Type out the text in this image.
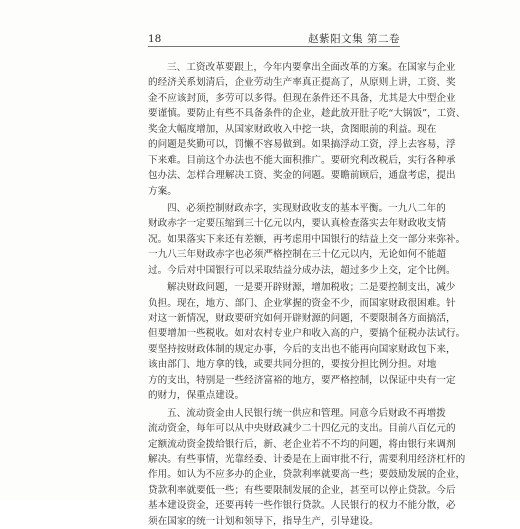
18	赵紫阳文集 第二卷
三、工资改革要跟上，今年内要拿出全面改革的方案。在国家与企业
的经济关系划清后，企业劳动生产率真正提高了，从原则上讲，工资、奖
金不应该封顶，多劳可以多得。但现在条件还不具备，尤其是大中型企业
要谨慎。要防止有些不具备条件的企业，趁此放开肚子吃“大锅饭”，工资、
奖金大幅度增加，从国家财政收入中挖一块，贪图眼前的利益。现在
的问题是奖勤可以，罚懒不容易做到。如果搞浮动工资，浮上去容易，浮
下来难。目前这个办法也不能大面积推广。要研究利改税后，实行各种承
包办法、怎样合理解决工资、奖金的问题。要瞻前顾后，通盘考虑，提出
方案。
四、必须控制财政赤字，实现财政收支的基本平衡。一九八二年的
财政赤字一定要压缩到三十亿元以内，要认真检查落实去年财政收支情
况。如果落实下来还有差额，再考虑用中国银行的结益上交一部分来弥补。
一九八三年财政赤字也必须严格控制在三十亿元以内，无论如何不能超
过。今后对中国银行可以采取结益分成办法，超过多少上交，定个比例。
解决财政问题，一是要开辟财源，增加税收；二是要控制支出，减少
负担。现在，地方、部门、企业掌握的资金不少，而国家财政很困难。针
对这一新情况，财政要研究如何开辟财源的问题，不要限制各方面搞活，
但要增加一些税收。如对农村专业户和收入高的户，要搞个征税办法试行。
要坚持按财政体制的规定办事，今后的支出也不能再向国家财政包下来，
该由部门、地方拿的钱，或要共同分担的，要按分担比例分担。对地
方的支出，特别是一些经济富裕的地方，要严格控制，以保证中央有一定
的财力，保重点建设。
五、流动资金由人民银行统一供应和管理。同意今后财政不再增拨
流动资金，每年可以从中央财政减少二十四亿元的支出。目前八百亿元的
定额流动资金拨给银行后，新、老企业若不不均的问题，将由银行来调剂
解决。有些事情，光靠经委、计委是在上面审批不行，需要利用经济杠杆的
作用。如认为不应多办的企业，贷款利率就要高一些；要鼓励发展的企业，
贷款利率就要低一些；有些要限制发展的企业，甚至可以停止贷款。今后
基本建设资金，还要再转一些作银行贷款。人民银行的权力不能分散，必
须在国家的统一计划和领导下，指导生产，引导建设。
